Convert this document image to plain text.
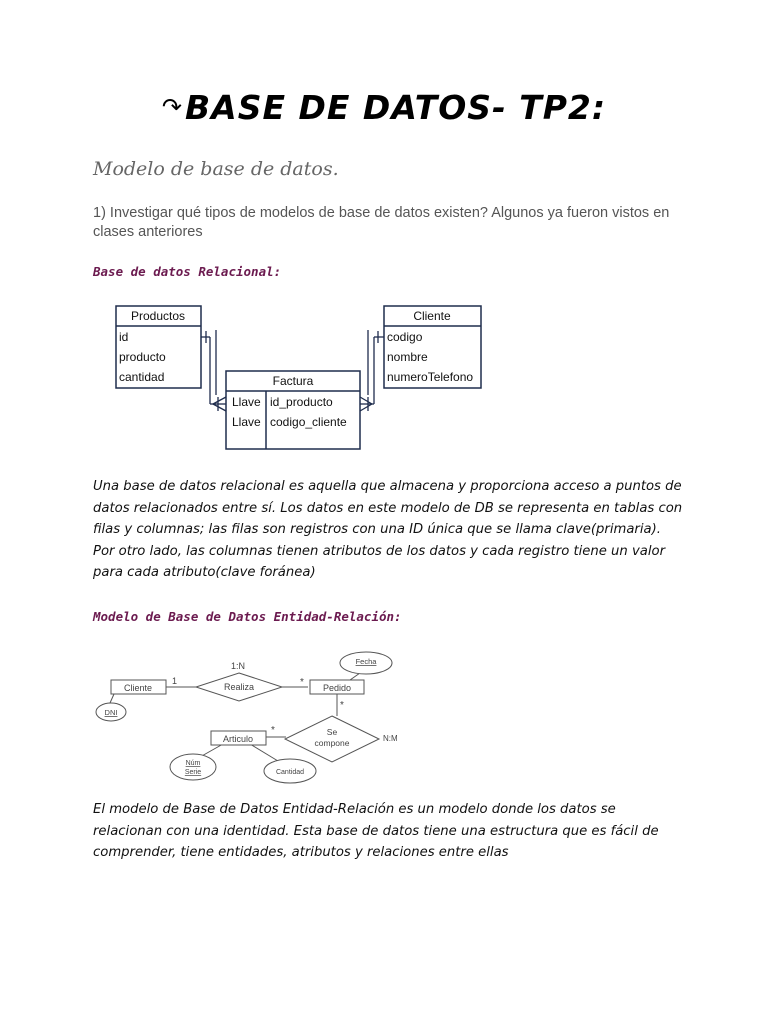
↷BASE DE DATOS- TP2:
Modelo de base de datos.
1) Investigar qué tipos de modelos de base de datos existen? Algunos ya fueron vistos en clases anteriores
Base de datos Relacional:
Productos
id
producto
cantidad
Cliente
codigo
nombre
numeroTelefono
Factura
Llave id_producto
Llave codigo_cliente
Una base de datos relacional es aquella que almacena y proporciona acceso a puntos de datos relacionados entre sí. Los datos en este modelo de DB se representa en tablas con filas y columnas; las filas son registros con una ID única que se llama clave(primaria). Por otro lado, las columnas tienen atributos de los datos y cada registro tiene un valor para cada atributo(clave foránea)
Modelo de Base de Datos Entidad-Relación:
Cliente
DNI
Realiza
1:N
1	* Pedido
Fecha
*
Se
compone	N:M
Articulo
*
Núm
Serie	Cantidad
El modelo de Base de Datos Entidad-Relación es un modelo donde los datos se relacionan con una identidad. Esta base de datos tiene una estructura que es fácil de comprender, tiene entidades, atributos y relaciones entre ellas
